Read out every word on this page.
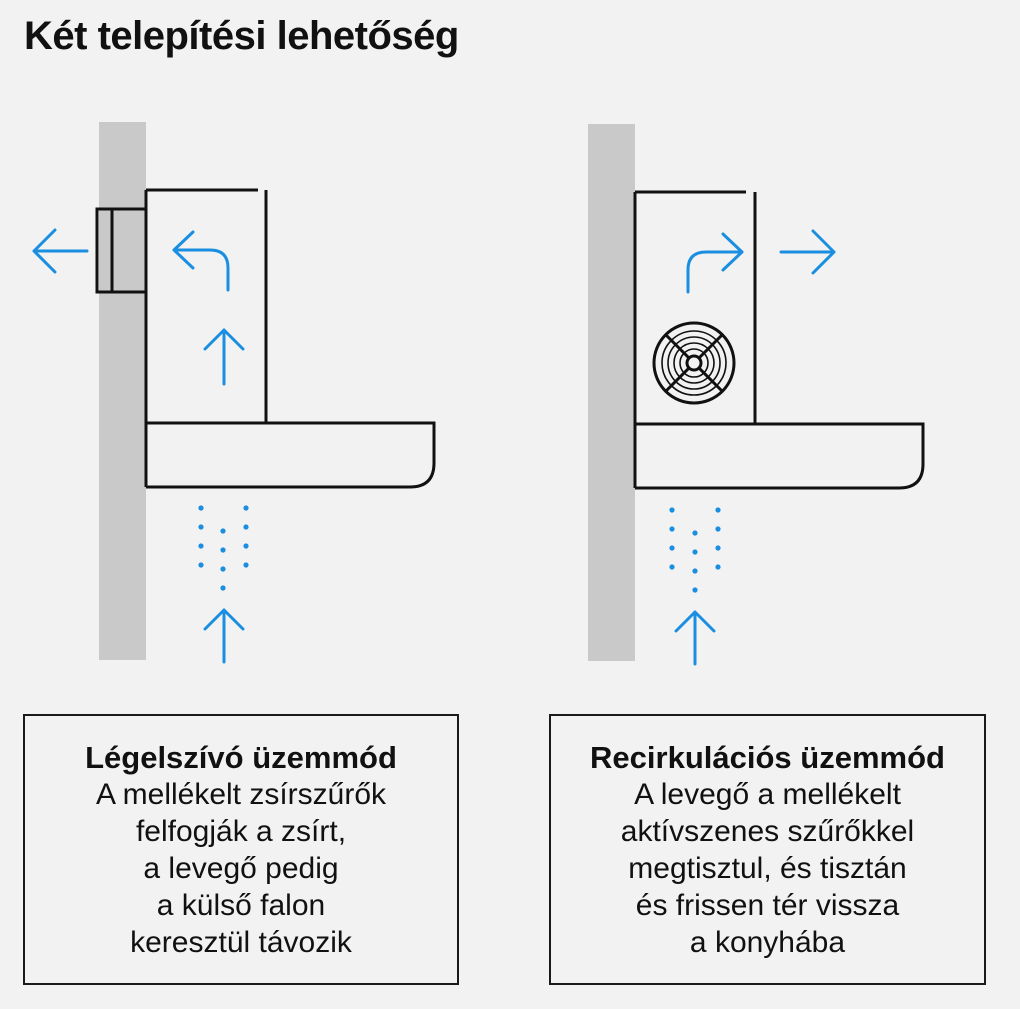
Két telepítési lehetőség
Légelszívó üzemmód

A mellékelt zsírszűrők

felfogják a zsírt,

a levegő pedig

a külső falon

keresztül távozik

Recirkulációs üzemmód

A levegő a mellékelt

aktívszenes szűrőkkel

megtisztul, és tisztán

és frissen tér vissza

a konyhába
